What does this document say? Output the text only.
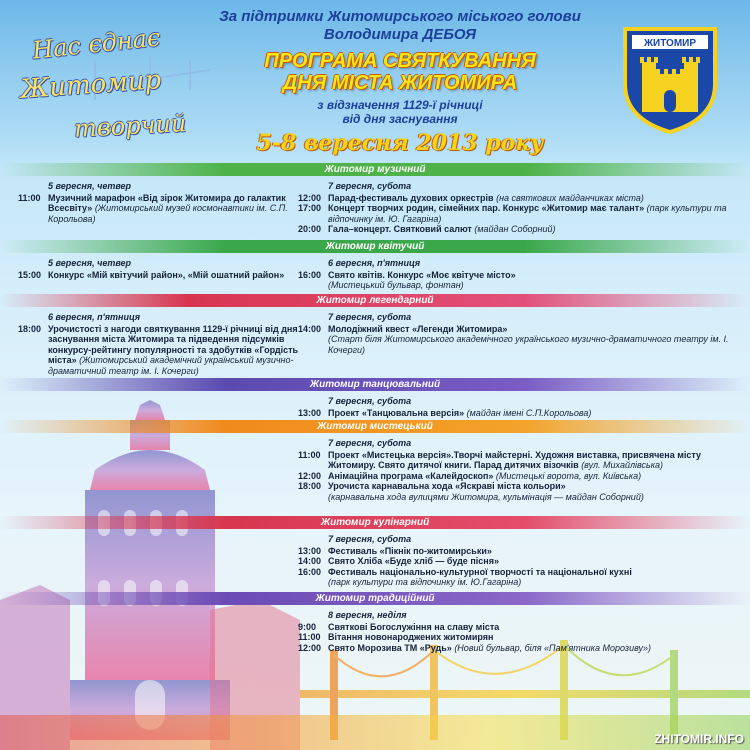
Нас єднає
Житомир
творчий
За підтримки Житомирського міського голови
Володимира ДЕБОЯ
ПРОГРАМА СВЯТКУВАННЯ
ДНЯ МІСТА ЖИТОМИРА
з відзначення 1129-ї річниці
від дня заснування
5-8 вересня 2013 року
ЖИТОМИР
Житомир музичний
5 вересня, четвер
11:00 Музичний марафон «Від зірок Житомира до галактик Всесвіту» (Житомирський музей космонавтики ім. С.П. Корольова)
7 вересня, субота
12:00 Парад-фестиваль духових оркестрів (на святкових майданчиках міста)
17:00 Концерт творчих родин, сімейних пар. Конкурс «Житомир має талант» (парк культури та відпочинку ім. Ю. Гагаріна)
20:00 Гала–концерт. Святковий салют (майдан Соборний)
Житомир квітучий
5 вересня, четвер
15:00 Конкурс «Мій квітучий район», «Мій ошатний район»
6 вересня, п'ятниця
16:00 Свято квітів. Конкурс «Моє квітуче місто»
(Мистецький бульвар, фонтан)
Житомир легендарний
6 вересня, п'ятниця
18:00 Урочистості з нагоди святкування 1129-ї річниці від дня заснування міста Житомира та підведення підсумків конкурсу-рейтингу популярності та здобутків «Гордість міста» (Житомирський академічний український музично-драматичний театр ім. І. Кочерги)
7 вересня, субота
14:00 Молодіжний квест «Легенди Житомира»
(Старт біля Житомирського академічного українського музично-драматичного театру ім. І. Кочерги)
Житомир танцювальний
7 вересня, субота
13:00 Проект «Танцювальна версія» (майдан імені С.П.Корольова)
Житомир мистецький
7 вересня, субота
11:00 Проект «Мистецька версія».Творчі майстерні. Художня виставка, присвячена місту Житомиру. Свято дитячої книги. Парад дитячих візочків (вул. Михайлівська)
12:00 Анімаційна програма «Калейдоскоп» (Мистецькі ворота, вул. Київська)
18:00 Урочиста карнавальна хода «Яскраві міста кольори»
(карнавальна хода вулицями Житомира, кульмінація — майдан Соборний)
Житомир кулінарний
7 вересня, субота
13:00 Фестиваль «Пікнік по-житомирськи»
14:00 Свято Хліба «Буде хліб — буде пісня»
16:00 Фестиваль національно-культурної творчості та національної кухні
(парк культури та відпочинку ім. Ю.Гагаріна)
Житомир традиційний
8 вересня, неділя
9:00	Святкові Богослужіння на славу міста
11:00 Вітання новонароджених житомирян
12:00 Свято Морозива ТМ «Рудь» (Новий бульвар, біля «Пам'ятника Морозиву»)
ZHITOMIR.INFO
